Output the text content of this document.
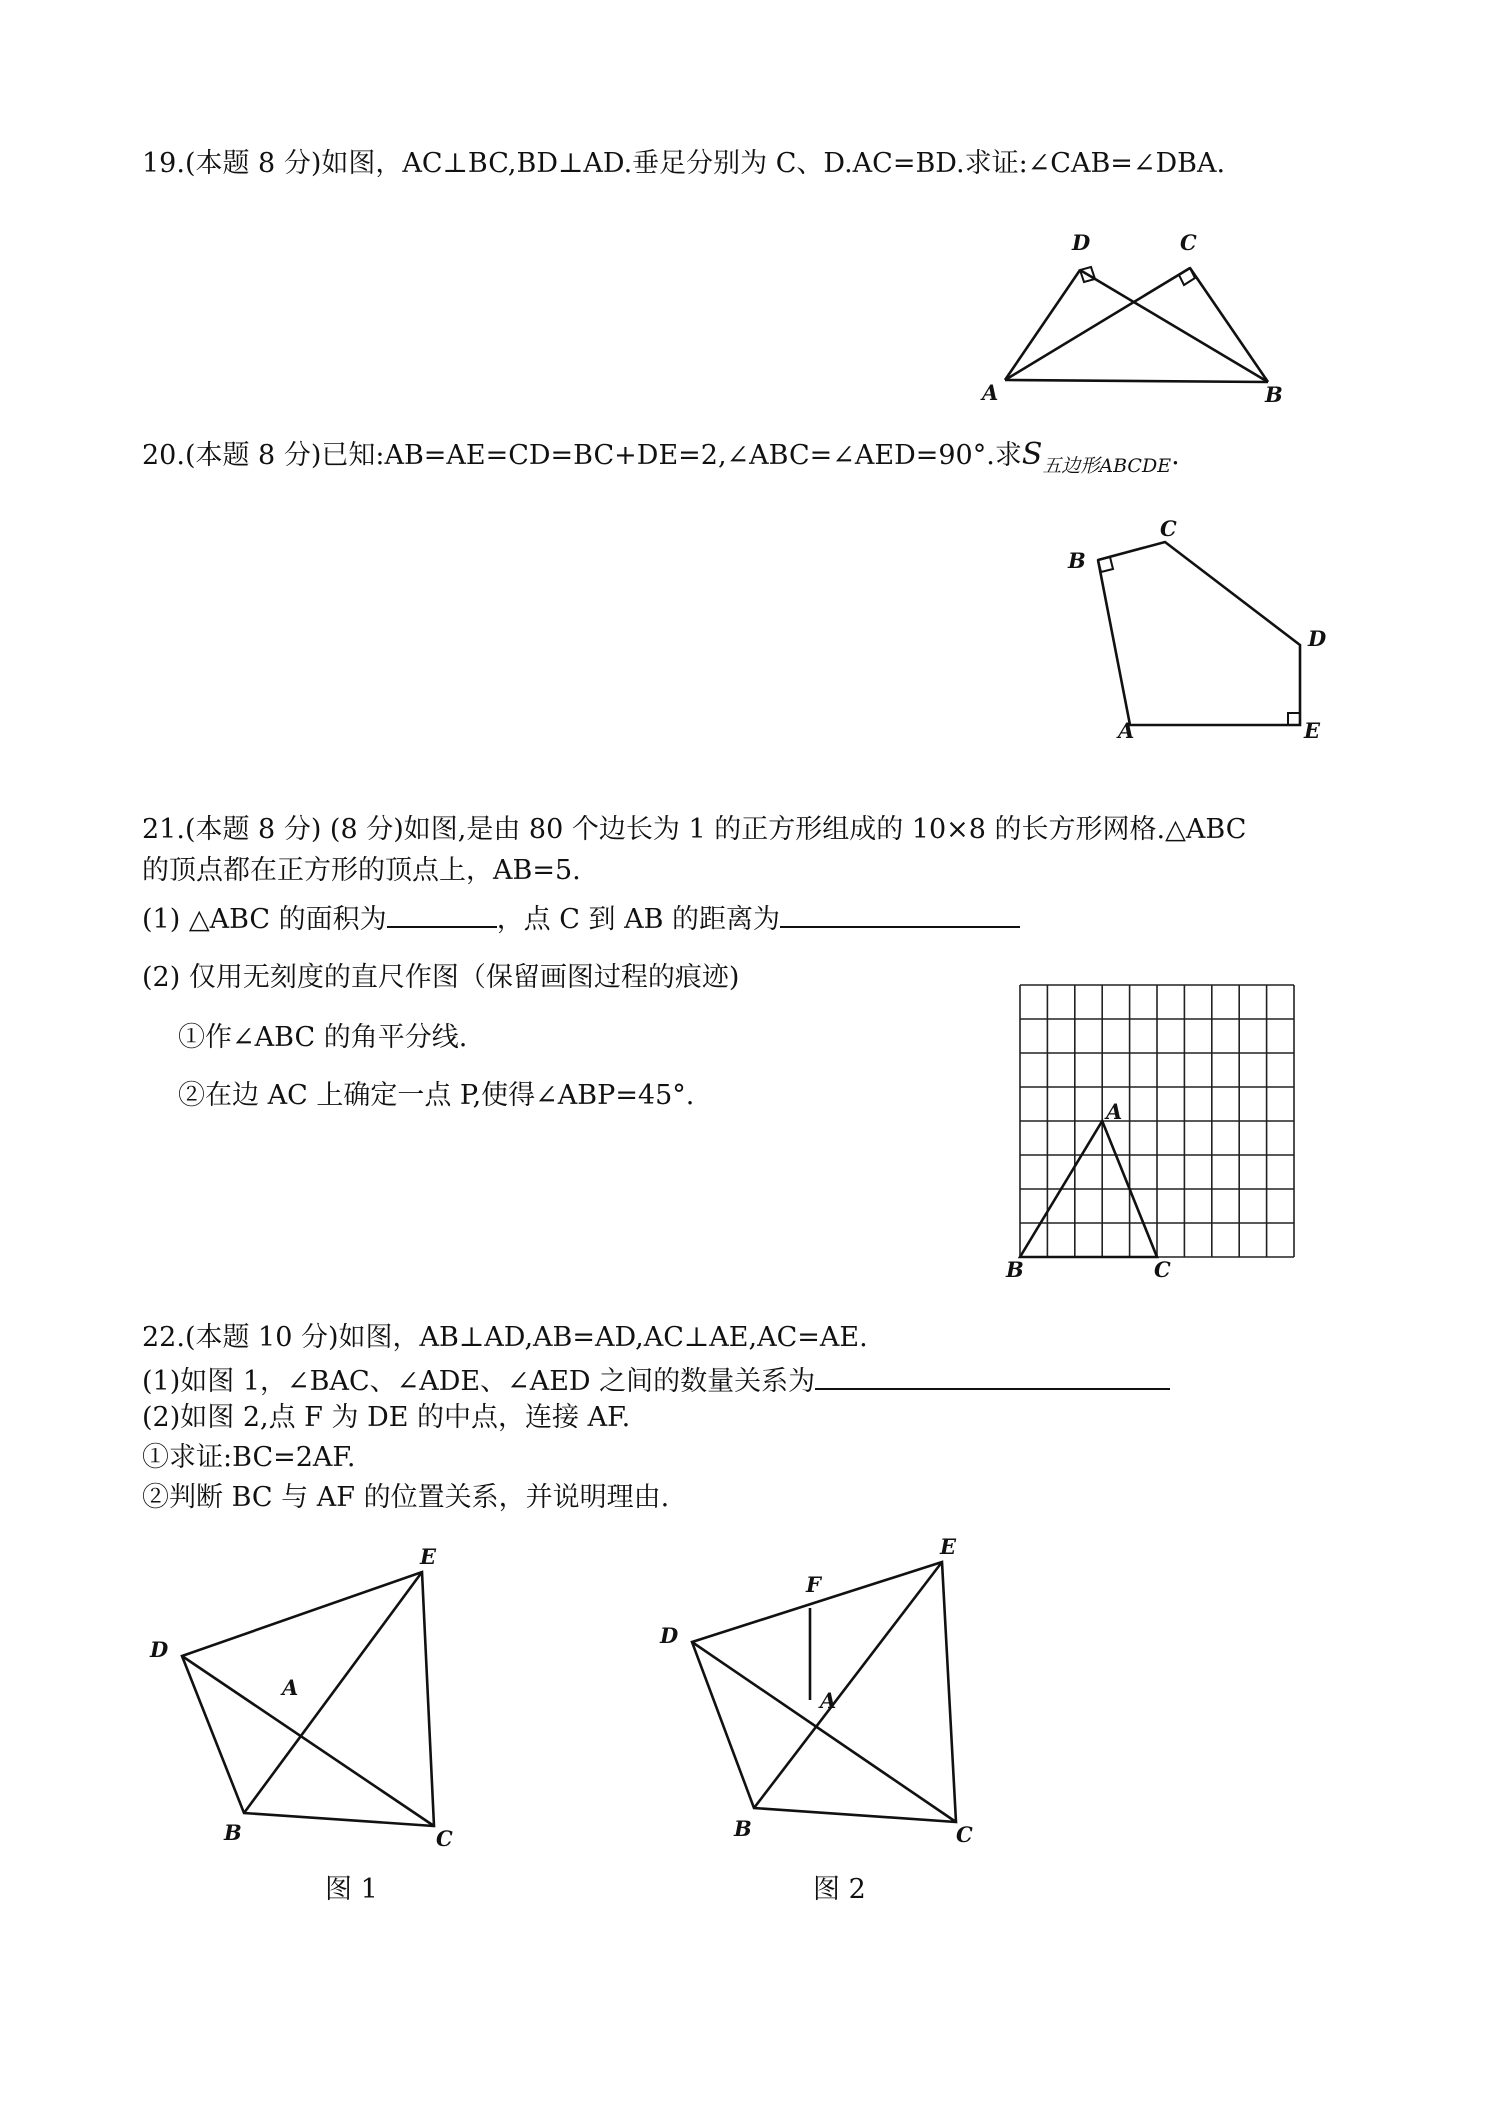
19.(本题 8 分)如图，AC⊥BC,BD⊥AD.垂足分别为 C、D.AC=BD.求证:∠CAB=∠DBA.
A	B
C
D
20.(本题 8 分)已知:AB=AE=CD=BC+DE=2,∠ABC=∠AED=90°.求$S_{五边形ABCDE}$.
A
B
C
D
E
21.(本题 8 分) (8 分)如图,是由 80 个边长为 1 的正方形组成的 10×8 的长方形网格.△ABC
的顶点都在正方形的顶点上，AB=5.
(1) △ABC 的面积为	，点 C 到 AB 的距离为
(2) 仅用无刻度的直尺作图（保留画图过程的痕迹)
①作∠ABC 的角平分线.
②在边 AC 上确定一点 P,使得∠ABP=45°.
A
B	C
22.(本题 10 分)如图，AB⊥AD,AB=AD,AC⊥AE,AC=AE.
(1)如图 1，∠BAC、∠ADE、∠AED 之间的数量关系为
(2)如图 2,点 F 为 DE 的中点，连接 AF.
①求证:BC=2AF.
②判断 BC 与 AF 的位置关系，并说明理由.
A
B	C
D
E
图 1
A
B	C
D
E
F
图 2
